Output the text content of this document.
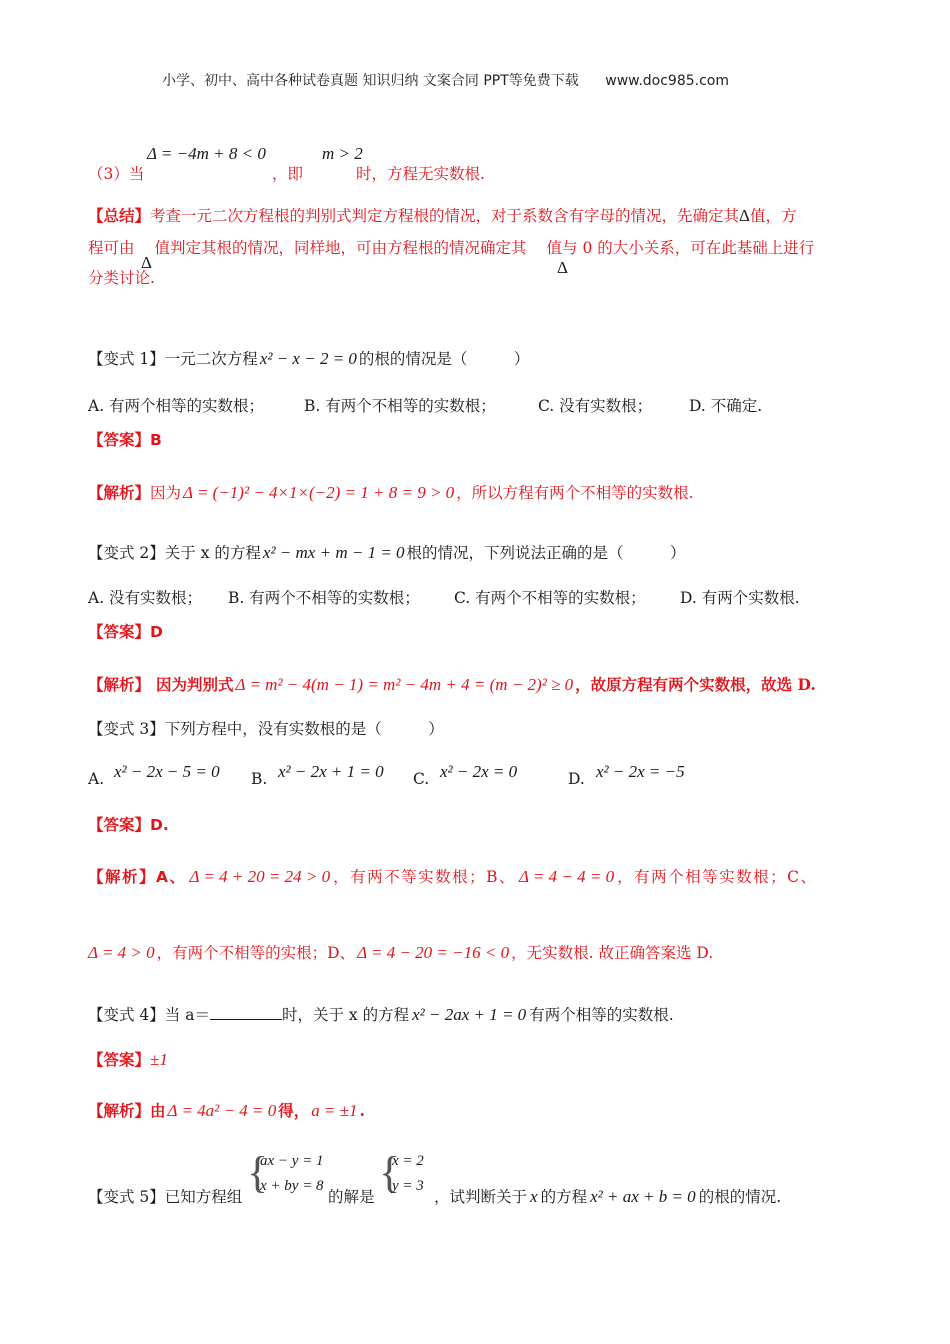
小学、初中、高中各种试卷真题 知识归纳 文案合同 PPT等免费下载 www.doc985.com
（3）当
Δ = −4m + 8 < 0
，即
m > 2
时，方程无实数根.
【总结】考查一元二次方程根的判别式判定方程根的情况，对于系数含有字母的情况，先确定其Δ值，方
程可由 值判定其根的情况，同样地，可由方程根的情况确定其 值与 0 的大小关系，可在此基础上进行
分类讨论.
Δ	Δ
【变式 1】一元二次方程 x² − x − 2 = 0 的根的情况是（　　　）
A. 有两个相等的实数根；	B. 有两个不相等的实数根；	C. 没有实数根； D. 不确定.
【答案】B
【解析】因为 Δ = (−1)² − 4×1×(−2) = 1 + 8 = 9 > 0 ，所以方程有两个不相等的实数根.
【变式 2】关于 x 的方程 x² − mx + m − 1 = 0 根的情况，下列说法正确的是（　　　）
A. 没有实数根； B. 有两个不相等的实数根； C. 有两个不相等的实数根； D. 有两个实数根.
【答案】D
【解析】 因为判别式 Δ = m² − 4(m − 1) = m² − 4m + 4 = (m − 2)² ≥ 0 ，故原方程有两个实数根，故选 D.
【变式 3】下列方程中，没有实数根的是（　　　）
A. x² − 2x − 5 = 0 B. x² − 2x + 1 = 0 C. x² − 2x = 0	D. x² − 2x = −5
【答案】D.
【解析】A、 Δ = 4 + 20 = 24 > 0 ，有两不等实数根；B、 Δ = 4 − 4 = 0 ，有两个相等实数根；C、
Δ = 4 > 0 ，有两个不相等的实根；D、 Δ = 4 − 20 = −16 < 0 ，无实数根. 故正确答案选 D.
【变式 4】当 a＝	时，关于 x 的方程 x² − 2ax + 1 = 0 有两个相等的实数根.
【答案】±1
【解析】由 Δ = 4a² − 4 = 0 得， a = ±1 .
【变式 5】已知方程组 {
ax − y = 1
x + by = 8
的解是 {
x = 2
y = 3
，试判断关于 x 的方程 x² + ax + b = 0 的根的情况.
